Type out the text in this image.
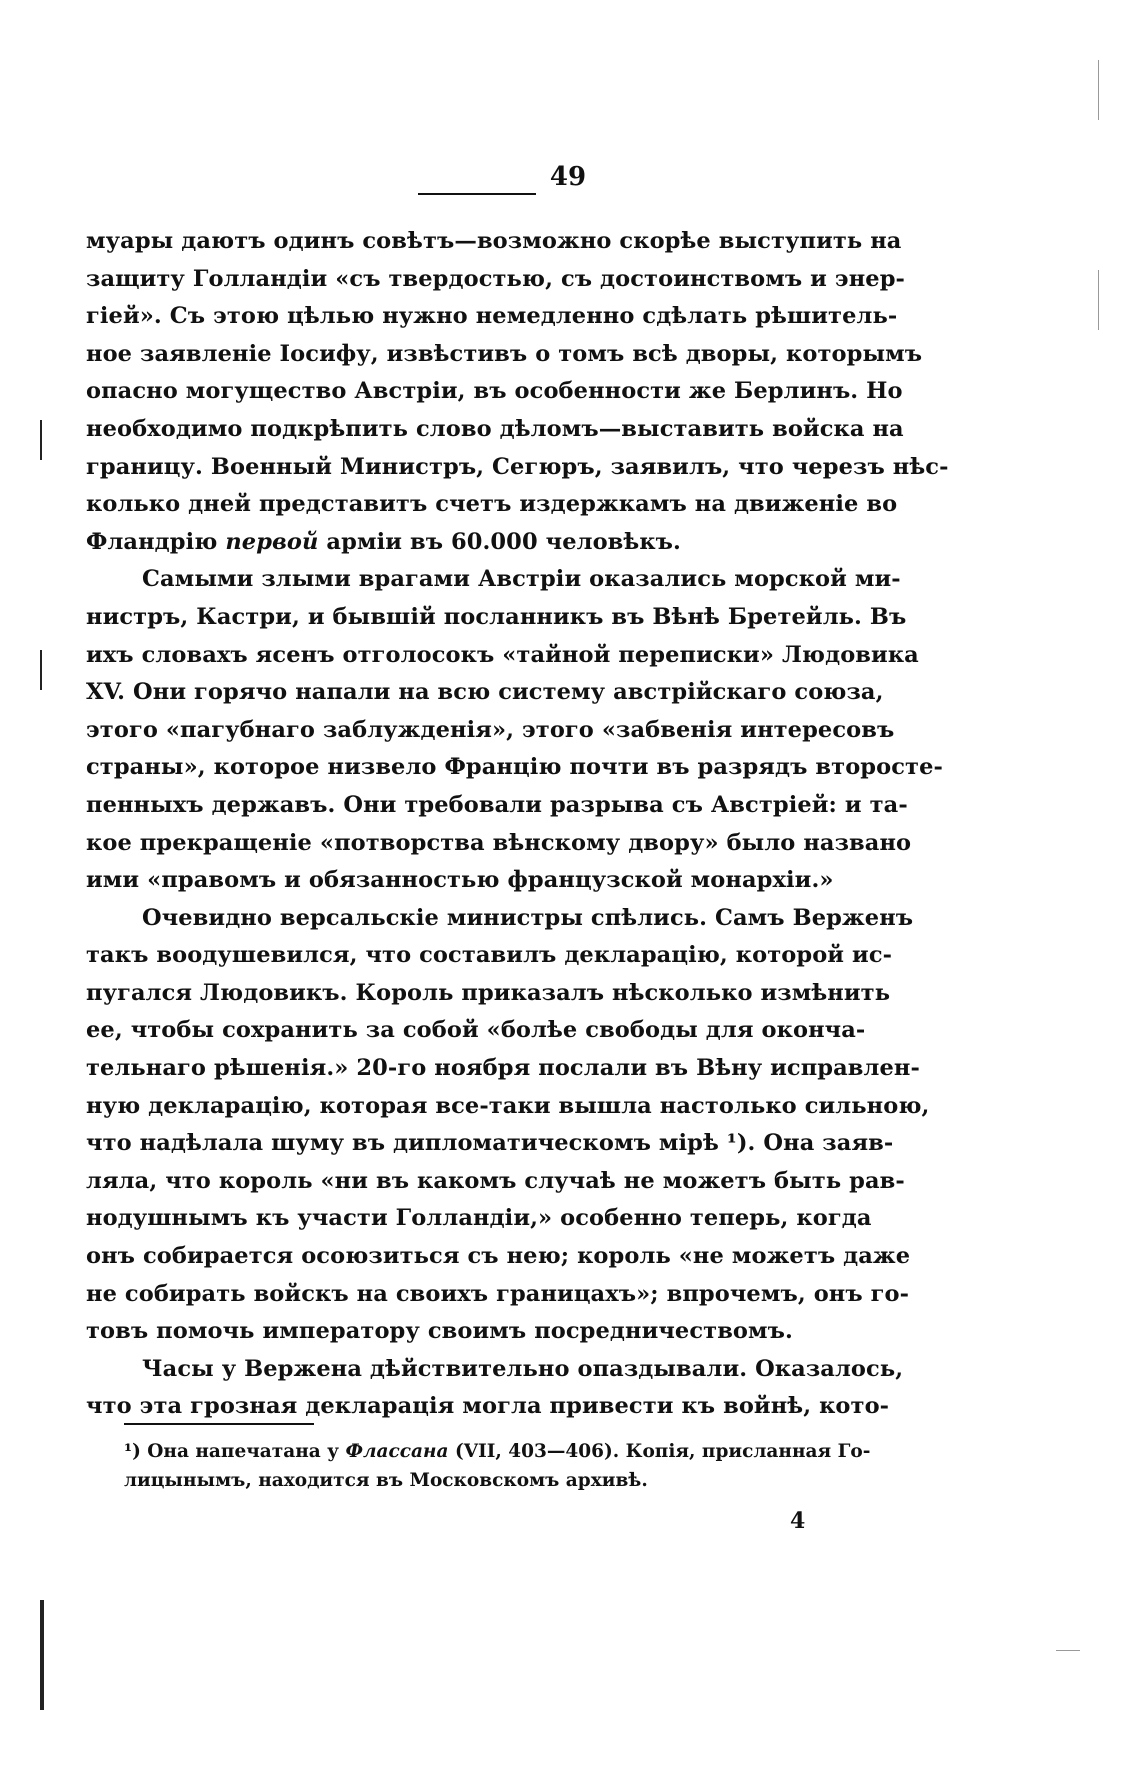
49
муары даютъ одинъ совѣтъ—возможно скорѣе выступить на
защиту Голландіи «съ твердостью, съ достоинствомъ и энер-
гіей». Съ этою цѣлью нужно немедленно сдѣлать рѣшитель-
ное заявленіе Іосифу, извѣстивъ о томъ всѣ дворы, которымъ
опасно могущество Австріи, въ особенности же Берлинъ. Но
необходимо подкрѣпить слово дѣломъ—выставить войска на
границу. Военный Министръ, Сегюръ, заявилъ, что черезъ нѣс-
колько дней представитъ счетъ издержкамъ на движеніе во
Фландрію первой арміи въ 60.000 человѣкъ.
Самыми злыми врагами Австріи оказались морской ми-
нистръ, Кастри, и бывшій посланникъ въ Вѣнѣ Бретейль. Въ
ихъ словахъ ясенъ отголосокъ «тайной переписки» Людовика
XV. Они горячо напали на всю систему австрійскаго союза,
этого «пагубнаго заблужденія», этого «забвенія интересовъ
страны», которое низвело Францію почти въ разрядъ второсте-
пенныхъ державъ. Они требовали разрыва съ Австріей: и та-
кое прекращеніе «потворства вѣнскому двору» было названо
ими «правомъ и обязанностью французской монархіи.»
Очевидно версальскіе министры спѣлись. Самъ Верженъ
такъ воодушевился, что составилъ декларацію, которой ис-
пугался Людовикъ. Король приказалъ нѣсколько измѣнить
ее, чтобы сохранить за собой «болѣе свободы для оконча-
тельнаго рѣшенія.» 20-го ноября послали въ Вѣну исправлен-
ную декларацію, которая все-таки вышла настолько сильною,
что надѣлала шуму въ дипломатическомъ мірѣ ¹). Она заяв-
ляла, что король «ни въ какомъ случаѣ не можетъ быть рав-
нодушнымъ къ участи Голландіи,» особенно теперь, когда
онъ собирается осоюзиться съ нею; король «не можетъ даже
не собирать войскъ на своихъ границахъ»; впрочемъ, онъ го-
товъ помочь императору своимъ посредничествомъ.
Часы у Вержена дѣйствительно опаздывали. Оказалось,
что эта грозная декларація могла привести къ войнѣ, кото-
¹) Она напечатана у Флассана (VII, 403—406). Копія, присланная Го-
лицынымъ, находится въ Московскомъ архивѣ.
4
